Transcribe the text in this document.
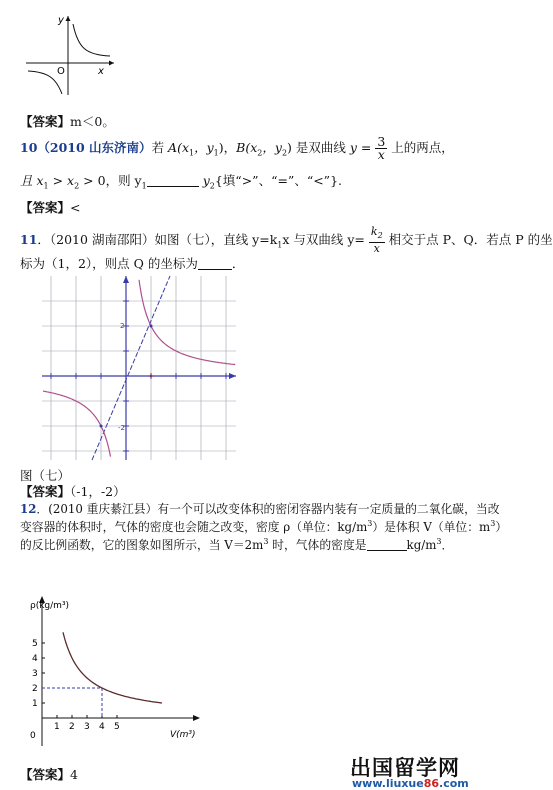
y
x
O
【答案】m＜0。
10（2010 山东济南）若 $A(x_1$，$y_1$)，$B(x_2$，$y_2$) 是双曲线 $y = \frac{3}{x}$ 上的两点，
且 $x_1 > x_2 > 0$，则 $y_1$	$y_2${填“>”、“=”、“<”}.
【答案】<
11．（2010 湖南邵阳）如图（七），直线 $y=k_1x$ 与双曲线 $y= \frac{k_2}{x}$ 相交于点 P、Q．若点 P 的坐
标为（1，2），则点 Q 的坐标为	．
2
-2
图（七）
【答案】（-1，-2）
12．(2010 重庆綦江县）有一个可以改变体积的密闭容器内装有一定质量的二氧化碳，当改
变容器的体积时，气体的密度也会随之改变，密度 ρ（单位：$kg/m^3$）是体积 V（单位：$m^3$）
的反比例函数，它的图象如图所示，当 $V=2m^3$ 时，气体的密度是	$kg/m^3$．
ρ(kg/m³)
V(m³)
0
1 2 3 4 5
1
2
3
4
5
【答案】4	出国留学网
www.liuxue86.com
